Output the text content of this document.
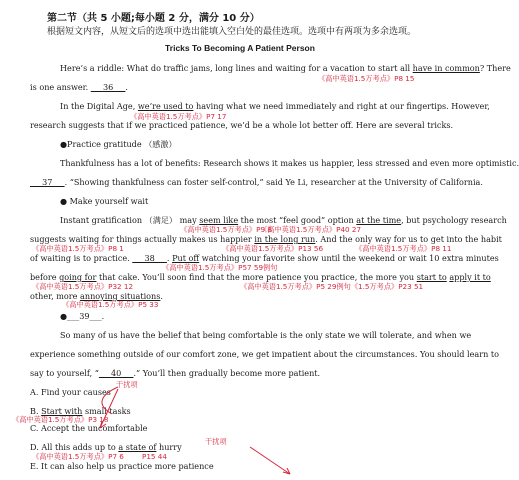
第二节（共 5 小题;每小题 2 分，满分 10 分）
根据短文内容，从短文后的选项中选出能填入空白处的最佳选项。选项中有两项为多余选项。
Tricks To Becoming A Patient Person
Here’s a riddle: What do traffic jams, long lines and waiting for a vacation to start all have in common? There
《高中英语1.5万考点》P8 15
is one answer. ___36___.
In the Digital Age, we’re used to having what we need immediately and right at our fingertips. However,
《高中英语1.5万考点》P7 17
research suggests that if we practiced patience, we’d be a whole lot better off. Here are several tricks.
●Practice gratitude （感激）
Thankfulness has a lot of benefits: Research shows it makes us happier, less stressed and even more optimistic.
___37___. “Showing thankfulness can foster self-control,” said Ye Li, researcher at the University of California.
● Make yourself wait
Instant gratification （满足） may seem like the most “feel good” option at the time, but psychology research
《高中英语1.5万考点》P9 8
《高中英语1.5万考点》P40 27
suggests waiting for things actually makes us happier in the long run. And the only way for us to get into the habit
《高中英语1.5万考点》P8 1	《高中英语1.5万考点》P13 56	《高中英语1.5万考点》P8 11
of waiting is to practice. ___38___. Put off watching your favorite show until the weekend or wait 10 extra minutes
《高中英语1.5万考点》P57 59例句
before going for that cake. You’ll soon find that the more patience you practice, the more you start to apply it to
《高中英语1.5万考点》P32 12	《高中英语1.5万考点》P5 29例句《1.5万考点》P23 51
other, more annoying situations.
《高中英语1.5万考点》P5 33
●___39___.
So many of us have the belief that being comfortable is the only state we will tolerate, and when we
experience something outside of our comfort zone, we get impatient about the circumstances. You should learn to
say to yourself, “___40___.” You’ll then gradually become more patient.
A. Find your causes
干扰项
B. Start with small tasks
《高中英语1.5万考点》P3 18
C. Accept the uncomfortable
D. All this adds up to a state of hurry
干扰项
《高中英语1.5万考点》P7 6	P15 44
E. It can also help us practice more patience
